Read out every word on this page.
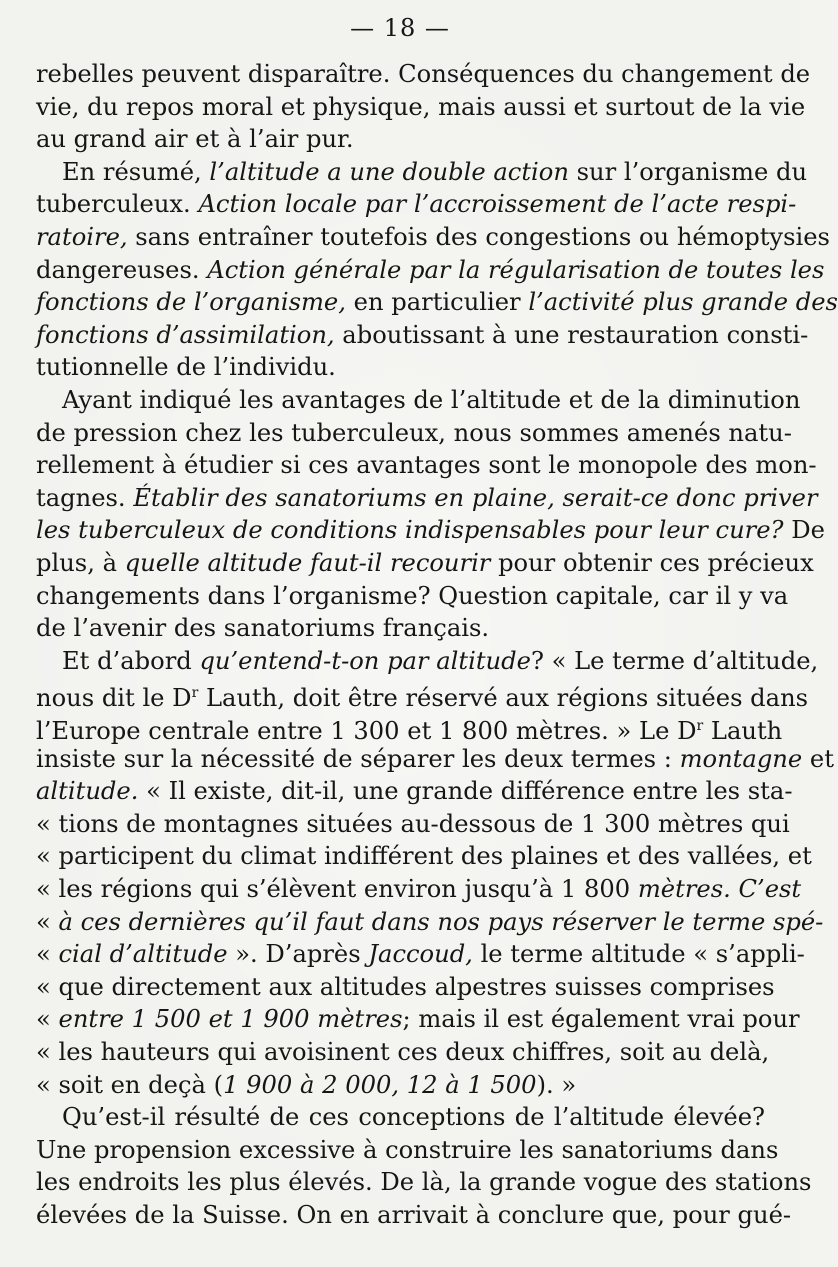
— 18 —
rebelles peuvent disparaître. Conséquences du changement de
vie, du repos moral et physique, mais aussi et surtout de la vie
au grand air et à l’air pur.
En résumé, l’altitude a une double action sur l’organisme du
tuberculeux. Action locale par l’accroissement de l’acte respi-
ratoire, sans entraîner toutefois des congestions ou hémoptysies
dangereuses. Action générale par la régularisation de toutes les
fonctions de l’organisme, en particulier l’activité plus grande des
fonctions d’assimilation, aboutissant à une restauration consti-
tutionnelle de l’individu.
Ayant indiqué les avantages de l’altitude et de la diminution
de pression chez les tuberculeux, nous sommes amenés natu-
rellement à étudier si ces avantages sont le monopole des mon-
tagnes. Établir des sanatoriums en plaine, serait-ce donc priver
les tuberculeux de conditions indispensables pour leur cure? De
plus, à quelle altitude faut-il recourir pour obtenir ces précieux
changements dans l’organisme? Question capitale, car il y va
de l’avenir des sanatoriums français.
Et d’abord qu’entend-t-on par altitude? « Le terme d’altitude,
nous dit le $D^r$ Lauth, doit être réservé aux régions situées dans
l’Europe centrale entre 1 300 et 1 800 mètres. » Le $D^r$ Lauth
insiste sur la nécessité de séparer les deux termes : montagne et
altitude. « Il existe, dit-il, une grande différence entre les sta-
« tions de montagnes situées au-dessous de 1 300 mètres qui
« participent du climat indifférent des plaines et des vallées, et
« les régions qui s’élèvent environ jusqu’à 1 800 mètres. C’est
« à ces dernières qu’il faut dans nos pays réserver le terme spé-
« cial d’altitude ». D’après Jaccoud, le terme altitude « s’appli-
« que directement aux altitudes alpestres suisses comprises
« entre 1 500 et 1 900 mètres; mais il est également vrai pour
« les hauteurs qui avoisinent ces deux chiffres, soit au delà,
« soit en deçà (1 900 à 2 000, 12 à 1 500). »
Qu’est-il résulté de ces conceptions de l’altitude élevée?
Une propension excessive à construire les sanatoriums dans
les endroits les plus élevés. De là, la grande vogue des stations
élevées de la Suisse. On en arrivait à conclure que, pour gué-
